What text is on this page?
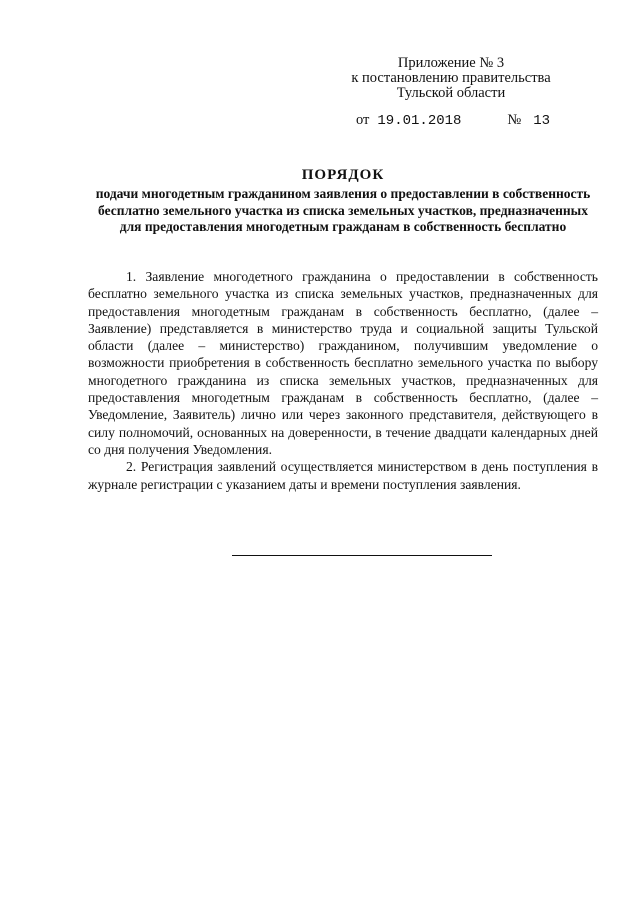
Приложение № 3
к постановлению правительства
Тульской области
от 19.01.2018	№ 13
ПОРЯДОК
подачи многодетным гражданином заявления о предоставлении в собственность бесплатно земельного участка из списка земельных участков, предназначенных для предоставления многодетным гражданам в собственность бесплатно

1. Заявление многодетного гражданина о предоставлении в собственность бесплатно земельного участка из списка земельных участков, предназначенных для предоставления многодетным гражданам в собственность бесплатно, (далее – Заявление) представляется в министерство труда и социальной защиты Тульской области (далее – министерство) гражданином, получившим уведомление о возможности приобретения в собственность бесплатно земельного участка по выбору многодетного гражданина из списка земельных участков, предназначенных для предоставления многодетным гражданам в собственность бесплатно, (далее – Уведомление, Заявитель) лично или через законного представителя, действующего в силу полномочий, основанных на доверенности, в течение двадцати календарных дней со дня получения Уведомления.

2. Регистрация заявлений осуществляется министерством в день поступления в журнале регистрации с указанием даты и времени поступления заявления.
